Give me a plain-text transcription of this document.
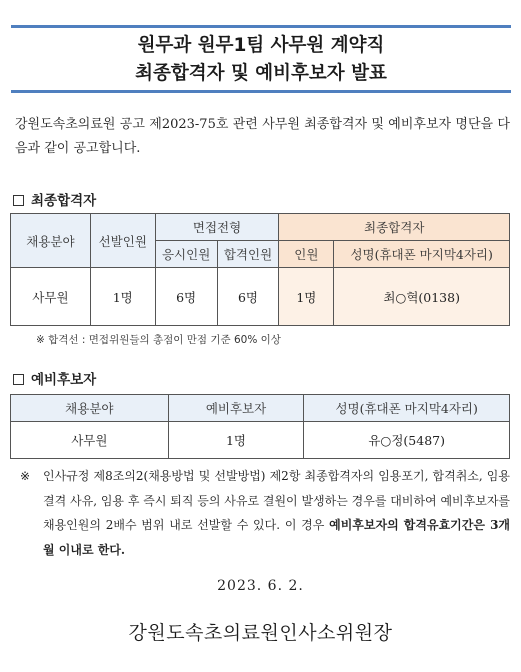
원무과 원무1팀 사무원 계약직
최종합격자 및 예비후보자 발표
강원도속초의료원 공고 제2023-75호 관련 사무원 최종합격자 및 예비후보자 명단을 다음과 같이 공고합니다.
최종합격자
채용분야	선발인원	면접전형		최종합격자	
		응시인원	합격인원	인원	성명(휴대폰 마지막4자리)
사무원	1명	6명	6명	1명	최○혁(0138)
※ 합격선 : 면접위원들의 총점이 만점 기준 60% 이상
예비후보자
채용분야	예비후보자	성명(휴대폰 마지막4자리)
사무원	1명	유○정(5487)
※ 인사규정 제8조의2(채용방법 및 선발방법) 제2항 최종합격자의 임용포기, 합격취소, 임용결격 사유, 임용 후 즉시 퇴직 등의 사유로 결원이 발생하는 경우를 대비하여 예비후보자를 채용인원의 2배수 범위 내로 선발할 수 있다. 이 경우 예비후보자의 합격유효기간은 3개월 이내로 한다.
2023. 6. 2.
강원도속초의료원인사소위원장
